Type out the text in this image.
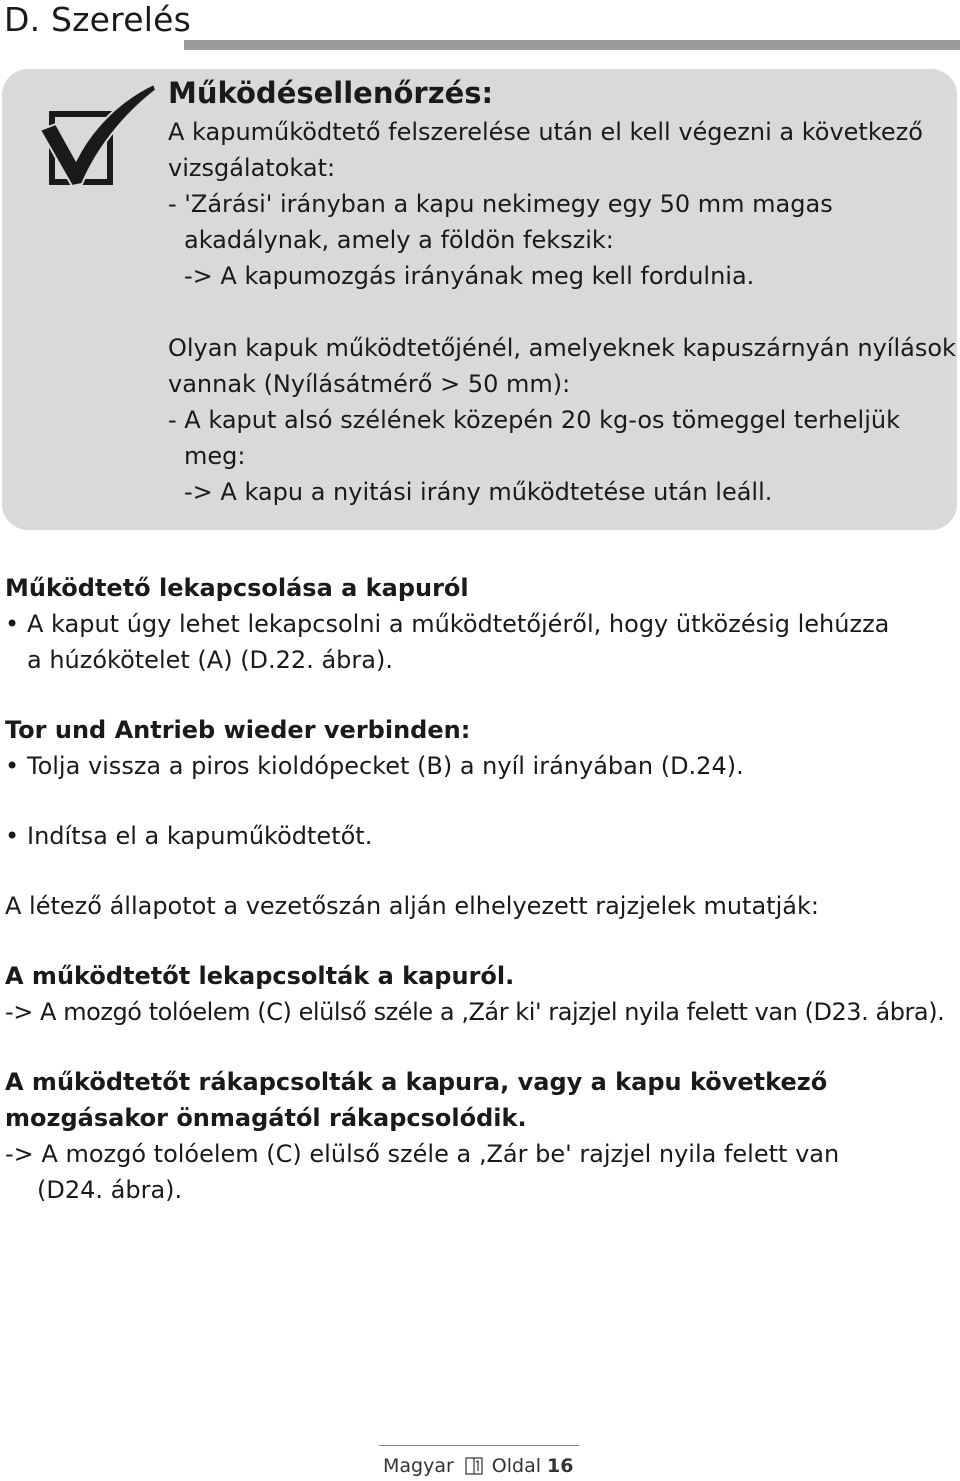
D. Szerelés
Működésellenőrzés:
A kapuműködtető felszerelése után el kell végezni a következő
vizsgálatokat:
- 'Zárási' irányban a kapu nekimegy egy 50 mm magas
akadálynak, amely a földön fekszik:
-> A kapumozgás irányának meg kell fordulnia.
Olyan kapuk működtetőjénél, amelyeknek kapuszárnyán nyílások
vannak (Nyílásátmérő > 50 mm):
- A kaput alsó szélének közepén 20 kg-os tömeggel terheljük
meg:
-> A kapu a nyitási irány működtetése után leáll.
Működtető lekapcsolása a kapuról
• A kaput úgy lehet lekapcsolni a működtetőjéről, hogy ütközésig lehúzza
a húzókötelet (A) (D.22. ábra).
Tor und Antrieb wieder verbinden:
• Tolja vissza a piros kioldópecket (B) a nyíl irányában (D.24).
• Indítsa el a kapuműködtetőt.
A létező állapotot a vezetőszán alján elhelyezett rajzjelek mutatják:
A működtetőt lekapcsolták a kapuról.
-> A mozgó tolóelem (C) elülső széle a ‚Zár ki' rajzjel nyila felett van (D23. ábra).
A működtetőt rákapcsolták a kapura, vagy a kapu következő
mozgásakor önmagától rákapcsolódik.
-> A mozgó tolóelem (C) elülső széle a ‚Zár be' rajzjel nyila felett van
(D24. ábra).
Magyar Oldal 16
